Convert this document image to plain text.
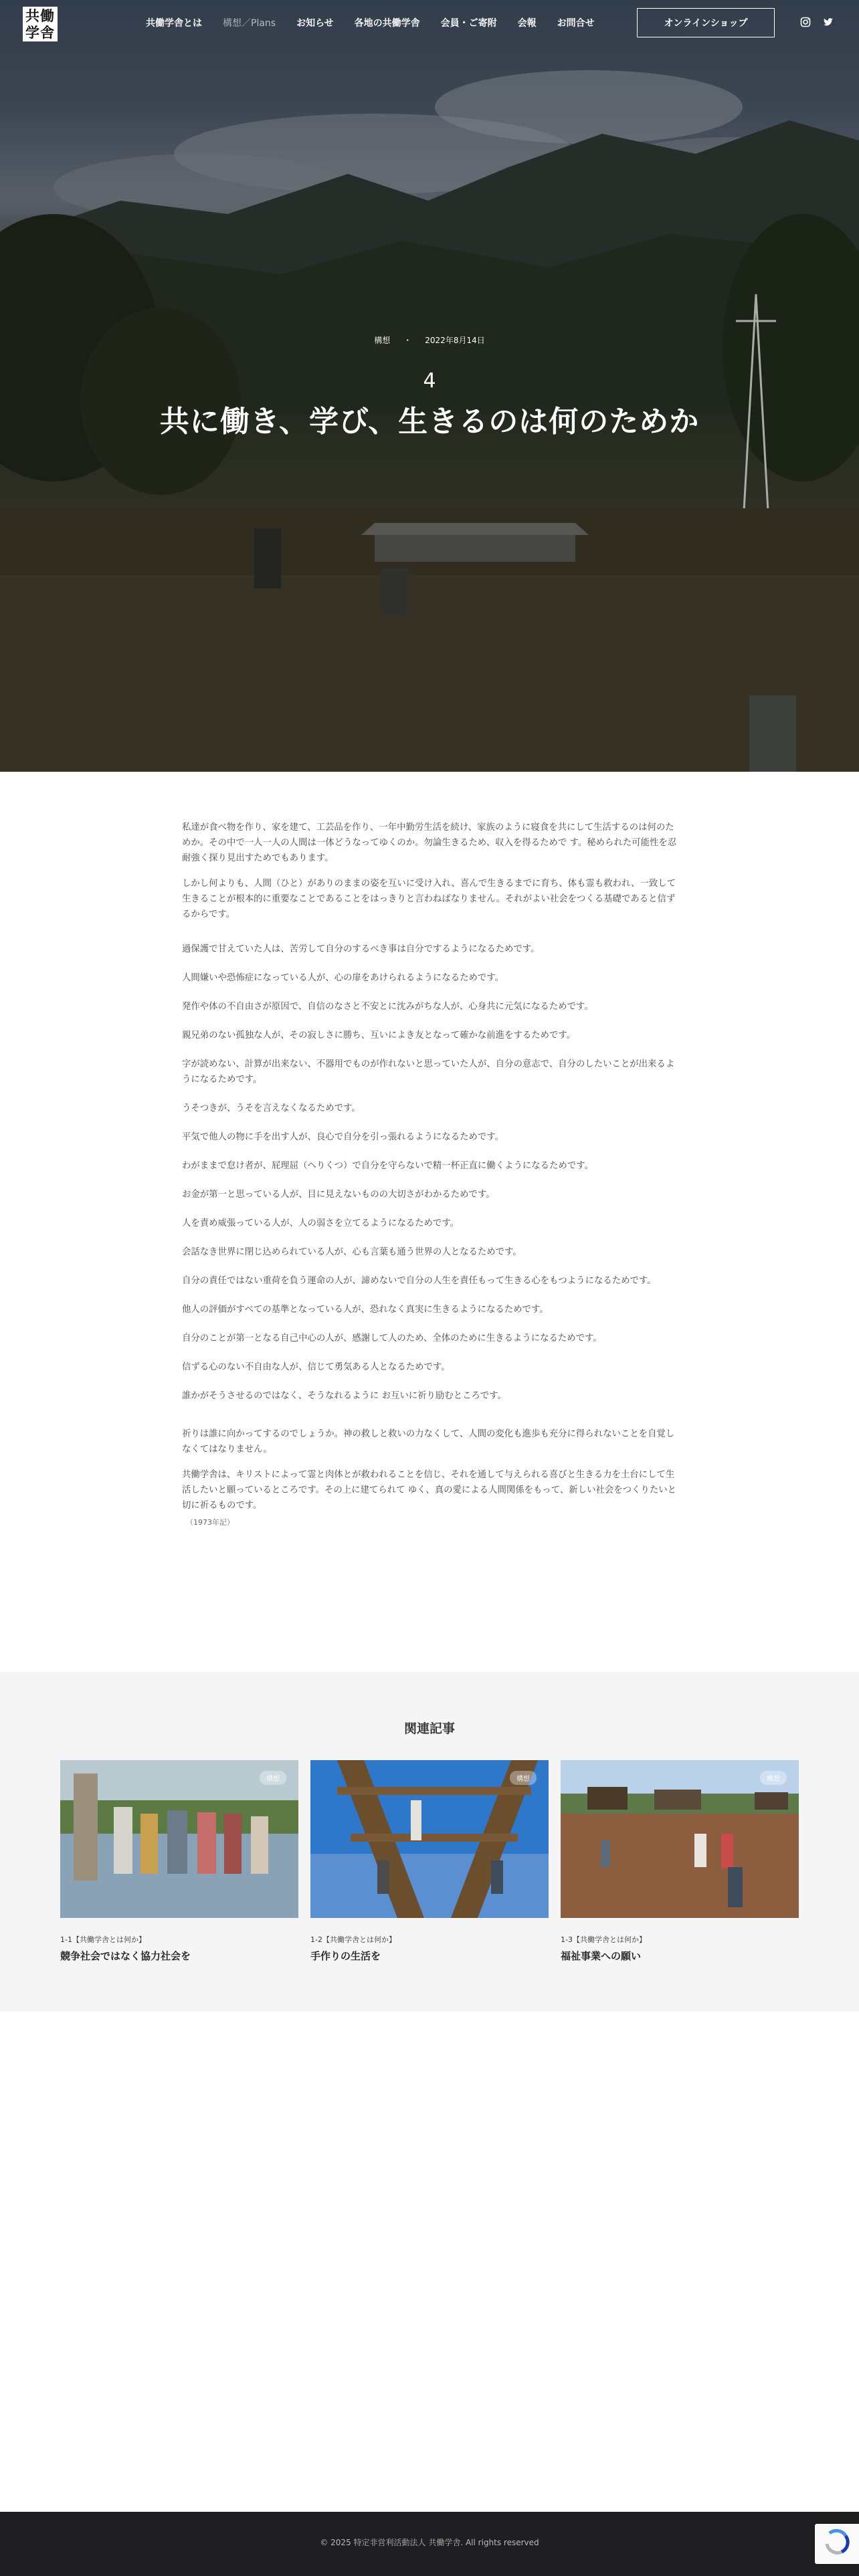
共働
学舎
共働学舎とは 構想／Plans お知らせ 各地の共働学舎 会員・ご寄附 会報 お問合せ	オンラインショップ
構想 ・ 2022年8月14日
4
共に働き、学び、生きるのは何のためか

私達が食べ物を作り、家を建て、工芸品を作り、一年中勤労生活を続け、家族のように寝食を共にして生活するのは何のためか。その中で一人一人の人間は一体どうなってゆくのか。勿論生きるため、収入を得るためで す。秘められた可能性を忍耐強く探り見出すためでもあります。

しかし何よりも、人間（ひと）がありのままの姿を互いに受け入れ、喜んで生きるまでに育ち、体も霊も救われ、一致して生きることが根本的に重要なことであることをはっきりと言わねばなりません。それがよい社会をつくる基礎であると信ずるからです。

過保護で甘えていた人は、苦労して自分のするべき事は自分でするようになるためです。

人間嫌いや恐怖症になっている人が、心の扉をあけられるようになるためです。

発作や体の不自由さが原因で、自信のなさと不安とに沈みがちな人が、心身共に元気になるためです。

親兄弟のない孤独な人が、その寂しさに勝ち、互いによき友となって確かな前進をするためです。

字が読めない、計算が出来ない、不器用でものが作れないと思っていた人が、自分の意志で、自分のしたいことが出来るようになるためです。

うそつきが、うそを言えなくなるためです。

平気で他人の物に手を出す人が、良心で自分を引っ張れるようになるためです。

わがままで怠け者が、屁理屈（へりくつ）で自分を守らないで精一杯正直に働くようになるためです。

お金が第一と思っている人が、目に見えないものの大切さがわかるためです。

人を責め威張っている人が、人の弱さを立てるようになるためです。

会話なき世界に閉じ込められている人が、心も言葉も通う世界の人となるためです。

自分の責任ではない重荷を負う運命の人が、諦めないで自分の人生を責任もって生きる心をもつようになるためです。

他人の評価がすべての基準となっている人が、恐れなく真実に生きるようになるためです。

自分のことが第一となる自己中心の人が、感謝して人のため、全体のために生きるようになるためです。

信ずる心のない不自由な人が、信じて勇気ある人となるためです。

誰かがそうさせるのではなく、そうなれるように お互いに祈り励むところです。

祈りは誰に向かってするのでしょうか。神の救しと救いの力なくして、人間の変化も進歩も充分に得られないことを自覚しなくてはなりません。

共働学舎は、キリストによって霊と肉体とが救われることを信じ、それを通して与えられる喜びと生きる力を土台にして生活したいと願っているところです。その上に建てられて ゆく、真の愛による人間関係をもって、新しい社会をつくりたいと切に祈るものです。

（1973年記）

関連記事
構想
1-1【共働学舎とは何か】
競争社会ではなく協力社会を
構想
1-2【共働学舎とは何か】
手作りの生活を
構想
1-3【共働学舎とは何か】
福祉事業への願い

© 2025 特定非営利活動法人 共働学舎. All rights reserved
